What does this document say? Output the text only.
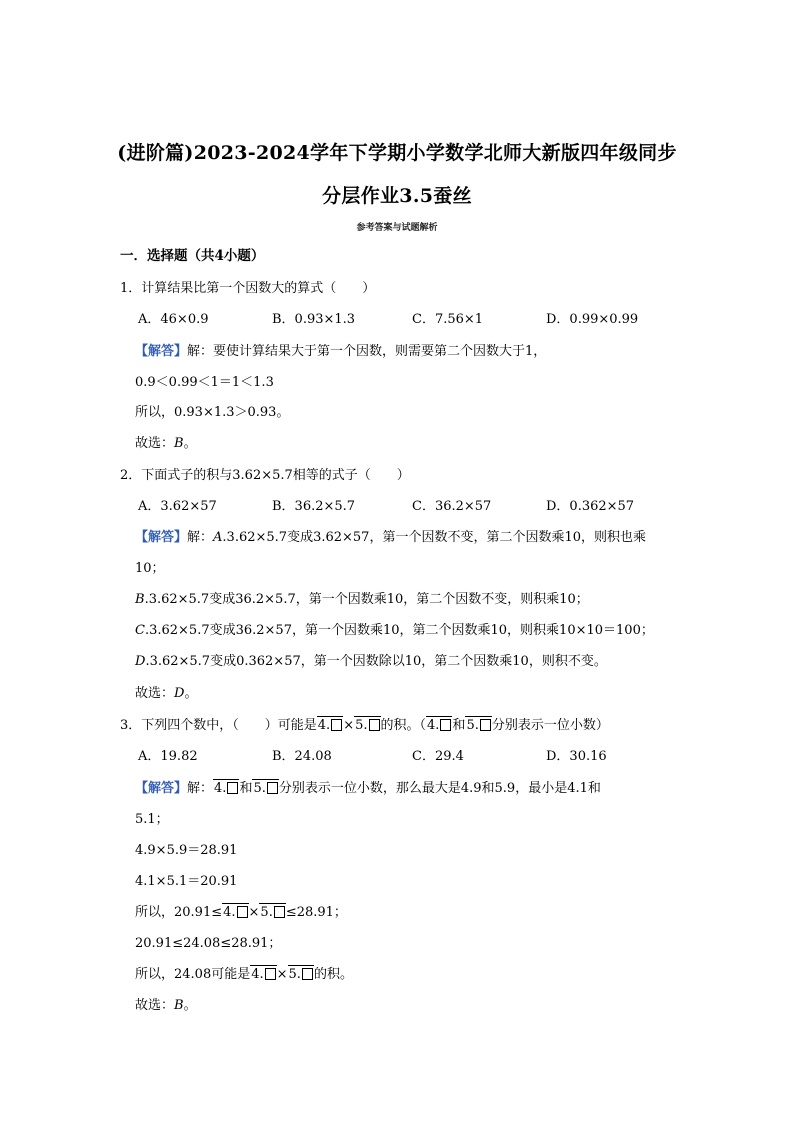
(进阶篇)2023-2024学年下学期小学数学北师大新版四年级同步
分层作业3.5蚕丝
参考答案与试题解析
一．选择题（共4小题）
1．计算结果比第一个因数大的算式（　　）
A．46×0.9	B．0.93×1.3	C．7.56×1	D．0.99×0.99
【解答】解：要使计算结果大于第一个因数，则需要第二个因数大于1，
0.9＜0.99＜1＝1＜1.3
所以，0.93×1.3＞0.93。
故选：B。
2．下面式子的积与3.62×5.7相等的式子（　　）
A．3.62×57	B．36.2×5.7	C．36.2×57	D．0.362×57
【解答】解：A.3.62×5.7变成3.62×57，第一个因数不变，第二个因数乘10，则积也乘
10；
B.3.62×5.7变成36.2×5.7，第一个因数乘10，第二个因数不变，则积乘10；
C.3.62×5.7变成36.2×57，第一个因数乘10，第二个因数乘10，则积乘10×10＝100；
D.3.62×5.7变成0.362×57，第一个因数除以10，第二个因数乘10，则积不变。
故选：D。
3．下列四个数中，（　　）可能是4. ×5. 的积。（4. 和5. 分别表示一位小数）
A．19.82	B．24.08	C．29.4	D．30.16
【解答】解：4. 和5. 分别表示一位小数，那么最大是4.9和5.9，最小是4.1和
5.1；
4.9×5.9＝28.91
4.1×5.1＝20.91
所以，20.91≤4. ×5. ≤28.91；
20.91≤24.08≤28.91；
所以，24.08可能是4. ×5. 的积。
故选：B。
